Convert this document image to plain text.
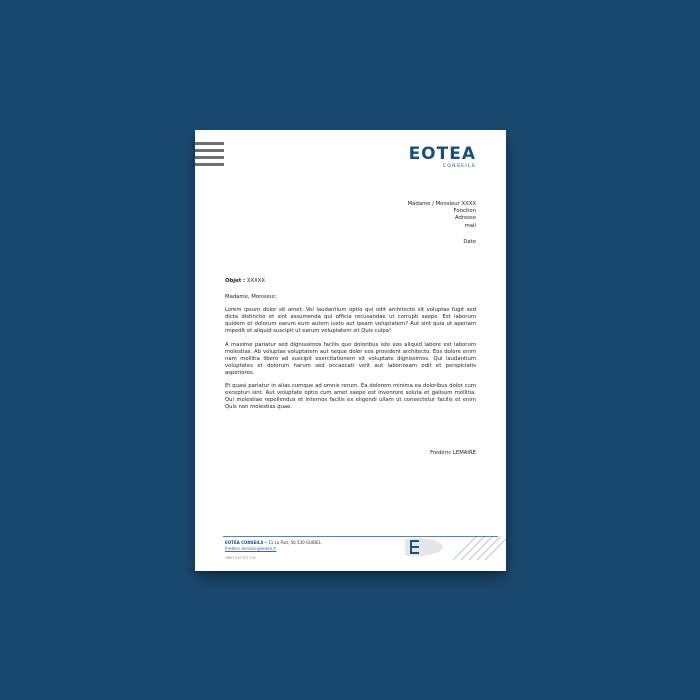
EOTEA
CONSEILS
Madame / Monsieur XXXX
Fonction
Adresse
mail
Date

Objet : XXXXX

Madame, Monsieur,

Lorem ipsum dolor sit amet. Vel laudantium optio qui odit architecto sit voluptas fugit sed dicta distinctio et sint assumenda qui officia recusandae ut corrupti saepe. Est laborum quidem et dolorum earum eum autem iusto aut ipsam voluptatem? Aut sint quia ut aperiam impedit et aliquid suscipit ut earum voluptatem sit Quis culpa!

A maxime pariatur sed dignissimos facilis quo doloribus iste eos aliquid labore est laborum molestias. Ab voluptas voluptatem aut neque dolor eos provident architecto. Eos dolore enim nam mollitia libero ad suscipit exercitationem sit voluptate dignissimos. Qui laudantium voluptates et dolorum harum sed occaecati velit aut laboriosam odit et perspiciatis asperiores.

Et quasi pariatur in alias cumque ad omnis rerum. Ea dolorem minima ea doloribus dolor cum excepturi sint. Aut voluptate optio cum amet saepe est inventore soluta et galisum mollitia. Qui molestiae repellendus et internos facilis ex eligendi ullam ut consectetur facilis et enim Quis non molestias quae.

Frédéric LEMAIRE
EOTEA CONSEILS • 11 La Puit, 56 530 GUIDEL
frederic.lemaire@eotea.fr
SIRET 910 317 076
